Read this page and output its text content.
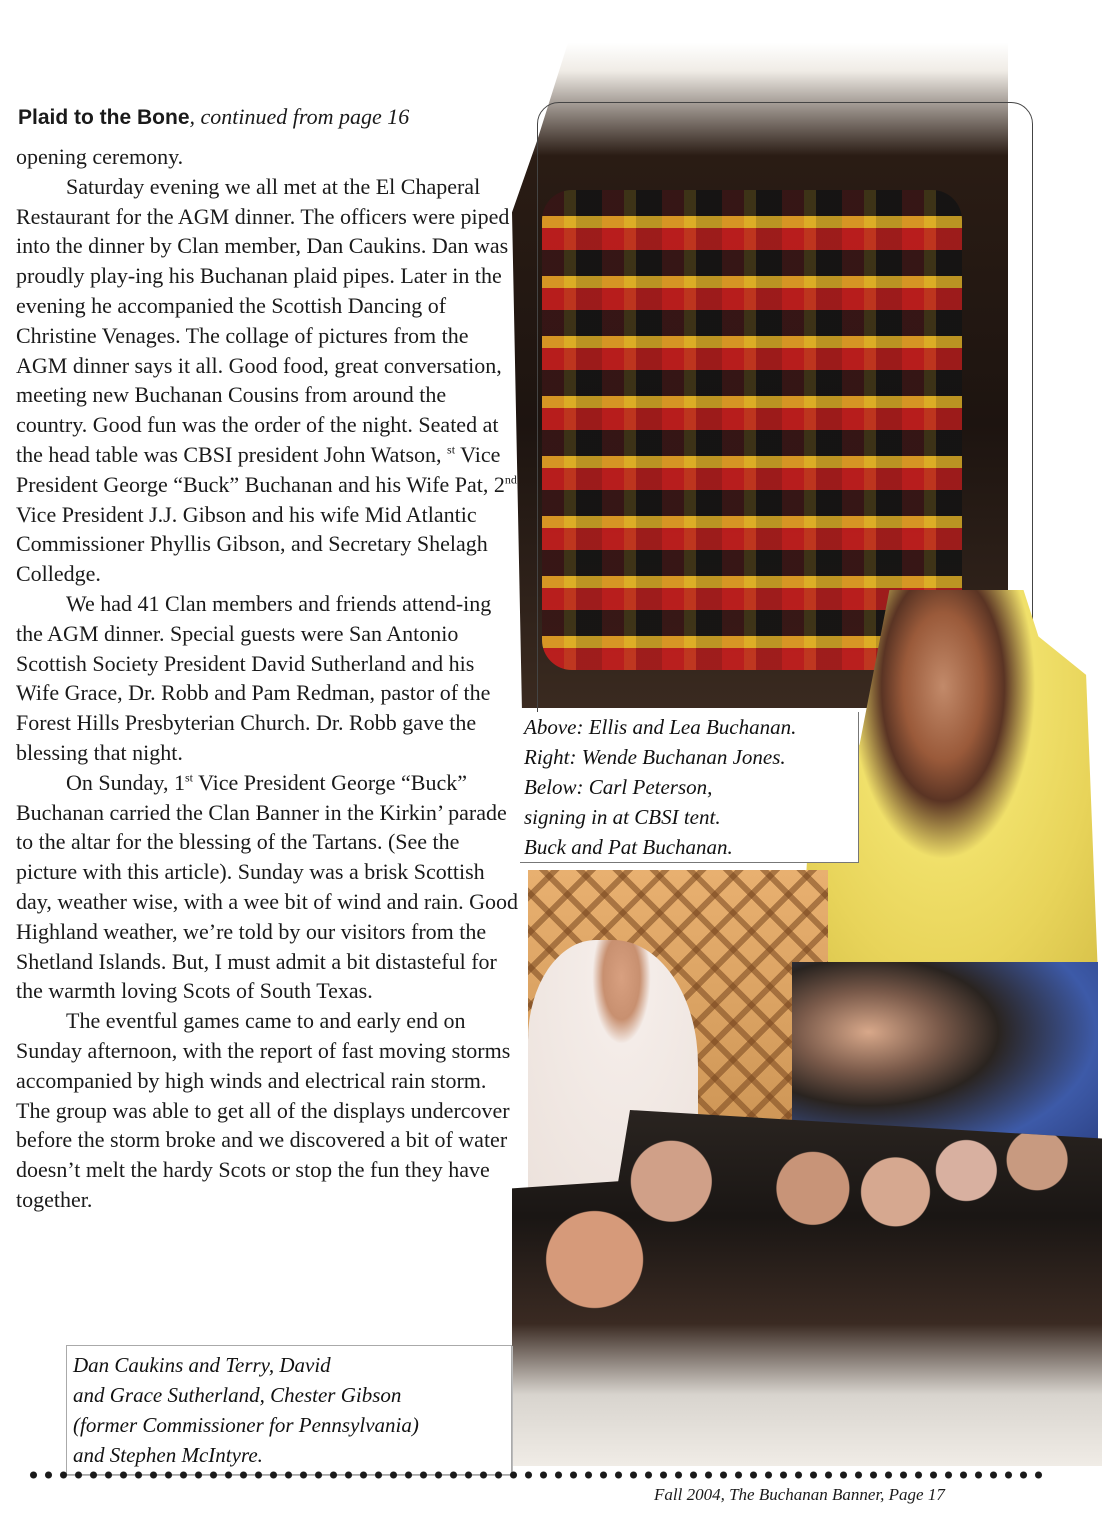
Plaid to the Bone, continued from page 16

opening ceremony.

Saturday evening we all met at the El Chaperal Restaurant for the AGM dinner. The officers were piped into the dinner by Clan member, Dan Caukins. Dan was proudly play-ing his Buchanan plaid pipes. Later in the evening he accompanied the Scottish Dancing of Christine Venages. The collage of pictures from the AGM dinner says it all. Good food, great conversation, meeting new Buchanan Cousins from around the country. Good fun was the order of the night. Seated at the head table was CBSI president John Watson, $^{st}$ Vice President George “Buck” Buchanan and his Wife Pat, 2nd Vice President J.J. Gibson and his wife Mid Atlantic Commissioner Phyllis Gibson, and Secretary Shelagh Colledge.

We had 41 Clan members and friends attend-ing the AGM dinner. Special guests were San Antonio Scottish Society President David Sutherland and his Wife Grace, Dr. Robb and Pam Redman, pastor of the Forest Hills Presbyterian Church. Dr. Robb gave the blessing that night.

On Sunday, 1st Vice President George “Buck” Buchanan carried the Clan Banner in the Kirkin’ parade to the altar for the blessing of the Tartans. (See the picture with this article). Sunday was a brisk Scottish day, weather wise, with a wee bit of wind and rain. Good Highland weather, we’re told by our visitors from the Shetland Islands. But, I must admit a bit distasteful for the warmth loving Scots of South Texas.

The eventful games came to and early end on Sunday afternoon, with the report of fast moving storms accompanied by high winds and electrical rain storm. The group was able to get all of the displays undercover before the storm broke and we discovered a bit of water doesn’t melt the hardy Scots or stop the fun they have together.

Above: Ellis and Lea Buchanan.
Right: Wende Buchanan Jones.
Below: Carl Peterson,
signing in at CBSI tent.
Buck and Pat Buchanan.
Dan Caukins and Terry, David
and Grace Sutherland, Chester Gibson
(former Commissioner for Pennsylvania)
and Stephen McIntyre.
Fall 2004, The Buchanan Banner, Page 17
